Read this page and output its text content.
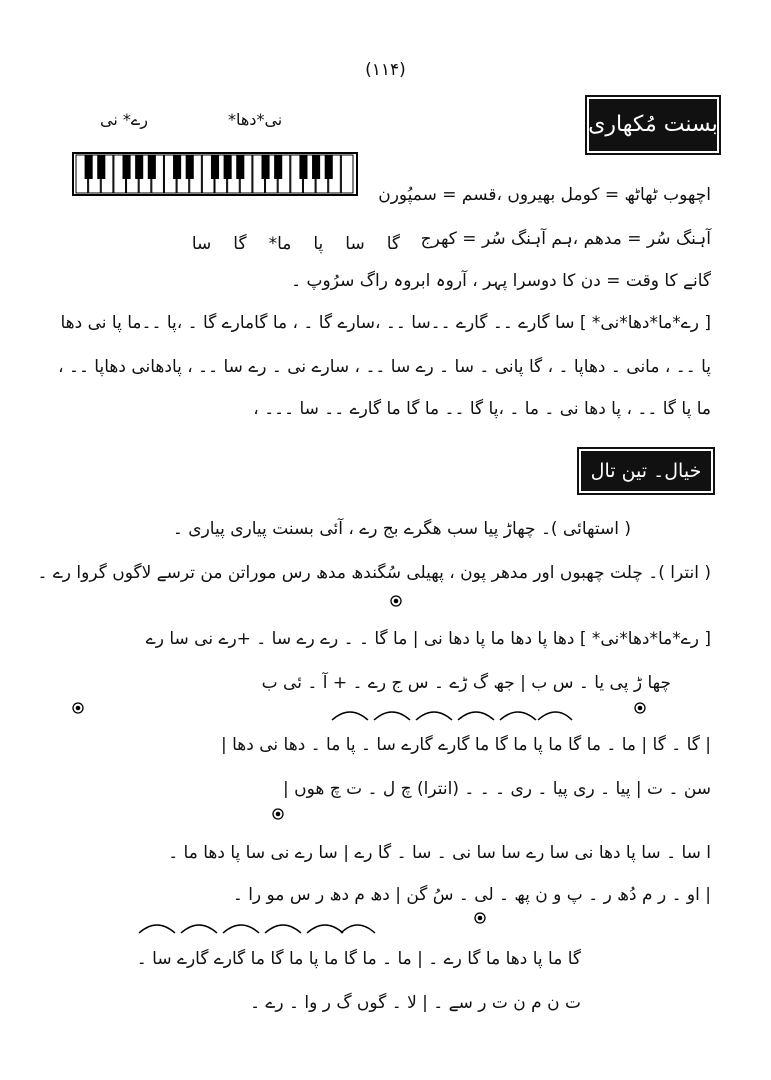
(۱۱۴)
بسنت مُکھاری
نی*دھا*
رے* نی
اچھوب ٹھاٹھ = کومل بھیروں ،قسم = سمپُورن
آہنگ سُر = مدھم ،ہم آہنگ سُر = کھرج
گا
سا
پا
ما*
گا
سا
گانے کا وقت = دن کا دوسرا پہر ، آروہ ابروہ راگ سرُوپ ۔
[ رے*ما*دھا*نی* ] سا گارے ۔۔ گارے ۔۔سا ۔۔ ،سارے گا ۔ ، ما گامارے گا ۔ ،پا ۔۔ما پا نی دھا
پا ۔۔ ، مانی ۔ دھاپا ۔ ، گا پانی ۔ سا ۔ رے سا ۔۔ ، سارے نی ۔ رے سا ۔۔ ، پادھانی دھاپا ۔۔ ،
ما پا گا ۔۔ ، پا دھا نی ۔ ما ۔ ،پا گا ۔۔ ما گا ما گارے ۔۔ سا ۔۔۔ ،
خیال۔ تین تال
( استھائی )۔ چھاڑ پیا سب ھگرے بج رے ، آئی بسنت پیاری پیاری ۔
( انترا )۔ چلت چھبوں اور مدھر پون ، پھیلی سُگندھ مدھ رس موراتن من ترسے لاگوں گروا رے ۔
[ رے*ما*دھا*نی* ] دھا پا دھا ما پا دھا نی | ما گا ۔ ۔ رے رے سا ۔ +رے نی سا رے
چھا ڑ پی یا ۔ س ب | جھ گ ڑے ۔ س ج رے ۔ + آ ۔ ئی ب
| گا ۔ گا | ما ۔ ما گا ما پا ما گا ما گارے گارے سا ۔ پا ما ۔ دھا نی دھا |
سن ۔ ت | پیا ۔ ری پیا ۔ ری ۔ ۔ ۔ (انترا) چ ل ۔ ت چ ھوں |
ا سا ۔ سا پا دھا نی سا رے سا سا نی ۔ سا ۔ گا رے | سا رے نی سا پا دھا ما ۔
| او ۔ ر م دُھ ر ۔ پ و ن پھ ۔ لی ۔ سُ گن | دھ م دھ ر س مو را ۔
گا ما پا دھا ما گا رے ۔ | ما ۔ ما گا ما پا ما گا ما گارے گارے سا ۔
ت ن م ن ت ر سے ۔ | لا ۔ گوں گ ر وا ۔ رے ۔
